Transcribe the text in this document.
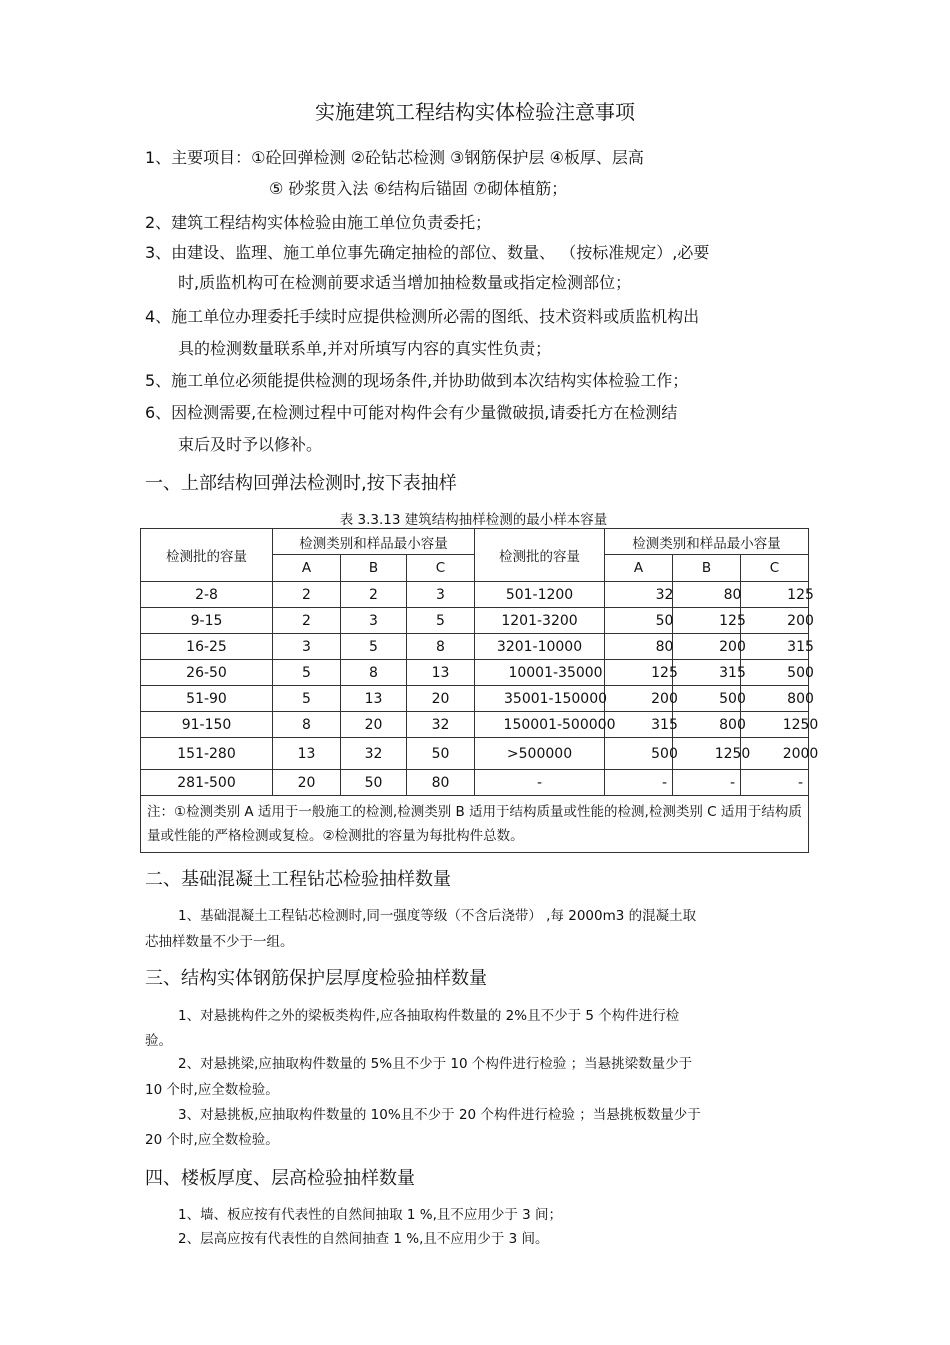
实施建筑工程结构实体检验注意事项
1、主要项目：①砼回弹检测 ②砼钻芯检测 ③钢筋保护层 ④板厚、层高
⑤ 砂浆贯入法 ⑥结构后锚固 ⑦砌体植筋；
2、建筑工程结构实体检验由施工单位负责委托；
3、由建设、监理、施工单位事先确定抽检的部位、数量、 （按标准规定）,必要
时,质监机构可在检测前要求适当增加抽检数量或指定检测部位；
4、施工单位办理委托手续时应提供检测所必需的图纸、技术资料或质监机构出
具的检测数量联系单,并对所填写内容的真实性负责；
5、施工单位必须能提供检测的现场条件,并协助做到本次结构实体检验工作；
6、因检测需要,在检测过程中可能对构件会有少量微破损,请委托方在检测结
束后及时予以修补。
一、上部结构回弹法检测时,按下表抽样
表 3.3.13 建筑结构抽样检测的最小样本容量
检测批的容量	检测类别和样品最小容量			检测批的容量	检测类别和样品最小容量		
	A	B	C		A	B	C
2-8	2	2	3	501-1200	32	80	125
9-15	2	3	5	1201-3200	50	125	200
16-25	3	5	8	3201-10000	80	200	315
26-50	5	8	13	10001-35000	125	315	500
51-90	5	13	20	35001-150000	200	500	800
91-150	8	20	32	150001-500000	315	800	1250
151-280	13	32	50	>500000	500	1250	2000
281-500	20	50	80	-	-	-	-
注：①检测类别 A 适用于一般施工的检测,检测类别 B 适用于结构质量或性能的检测,检测类别 C 适用于结构质量或性能的严格检测或复检。②检测批的容量为每批构件总数。							
二、基础混凝土工程钻芯检验抽样数量
1、基础混凝土工程钻芯检测时,同一强度等级（不含后浇带） ,每 2000m3 的混凝土取
芯抽样数量不少于一组。
三、结构实体钢筋保护层厚度检验抽样数量
1、对悬挑构件之外的梁板类构件,应各抽取构件数量的 2%且不少于 5 个构件进行检
验。
2、对悬挑梁,应抽取构件数量的 5%且不少于 10 个构件进行检验 ；当悬挑梁数量少于
10 个时,应全数检验。
3、对悬挑板,应抽取构件数量的 10%且不少于 20 个构件进行检验 ；当悬挑板数量少于
20 个时,应全数检验。
四、楼板厚度、层高检验抽样数量
1、墙、板应按有代表性的自然间抽取 1 %,且不应用少于 3 间；
2、层高应按有代表性的自然间抽查 1 %,且不应用少于 3 间。
